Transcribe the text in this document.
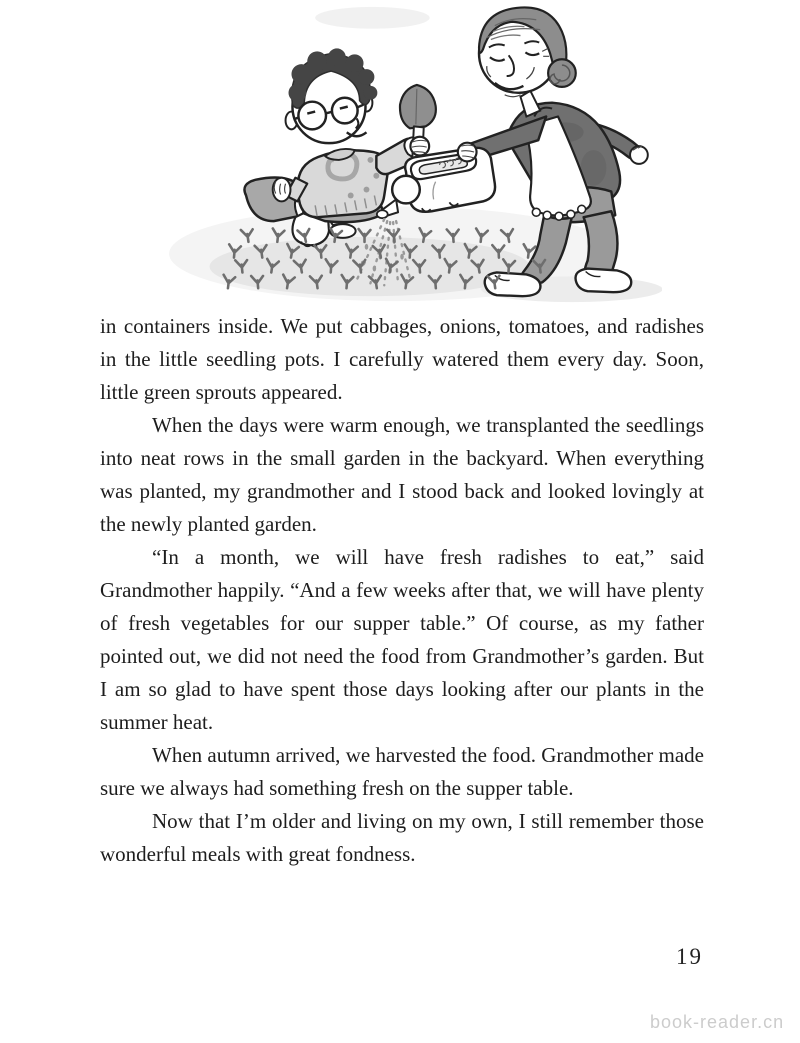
in containers inside. We put cabbages, onions, tomatoes, and radishes in the little seedling pots. I carefully watered them every day. Soon, little green sprouts appeared.

When the days were warm enough, we transplanted the seedlings into neat rows in the small garden in the backyard. When everything was planted, my grandmother and I stood back and looked lovingly at the newly planted garden.

“In a month, we will have fresh radishes to eat,” said Grandmother happily. “And a few weeks after that, we will have plenty of fresh vegetables for our supper table.” Of course, as my father pointed out, we did not need the food from Grandmother’s garden. But I am so glad to have spent those days looking after our plants in the summer heat.

When autumn arrived, we harvested the food. Grandmother made sure we always had something fresh on the supper table.

Now that I’m older and living on my own, I still remember those wonderful meals with great fondness.

19
book-reader.cn
